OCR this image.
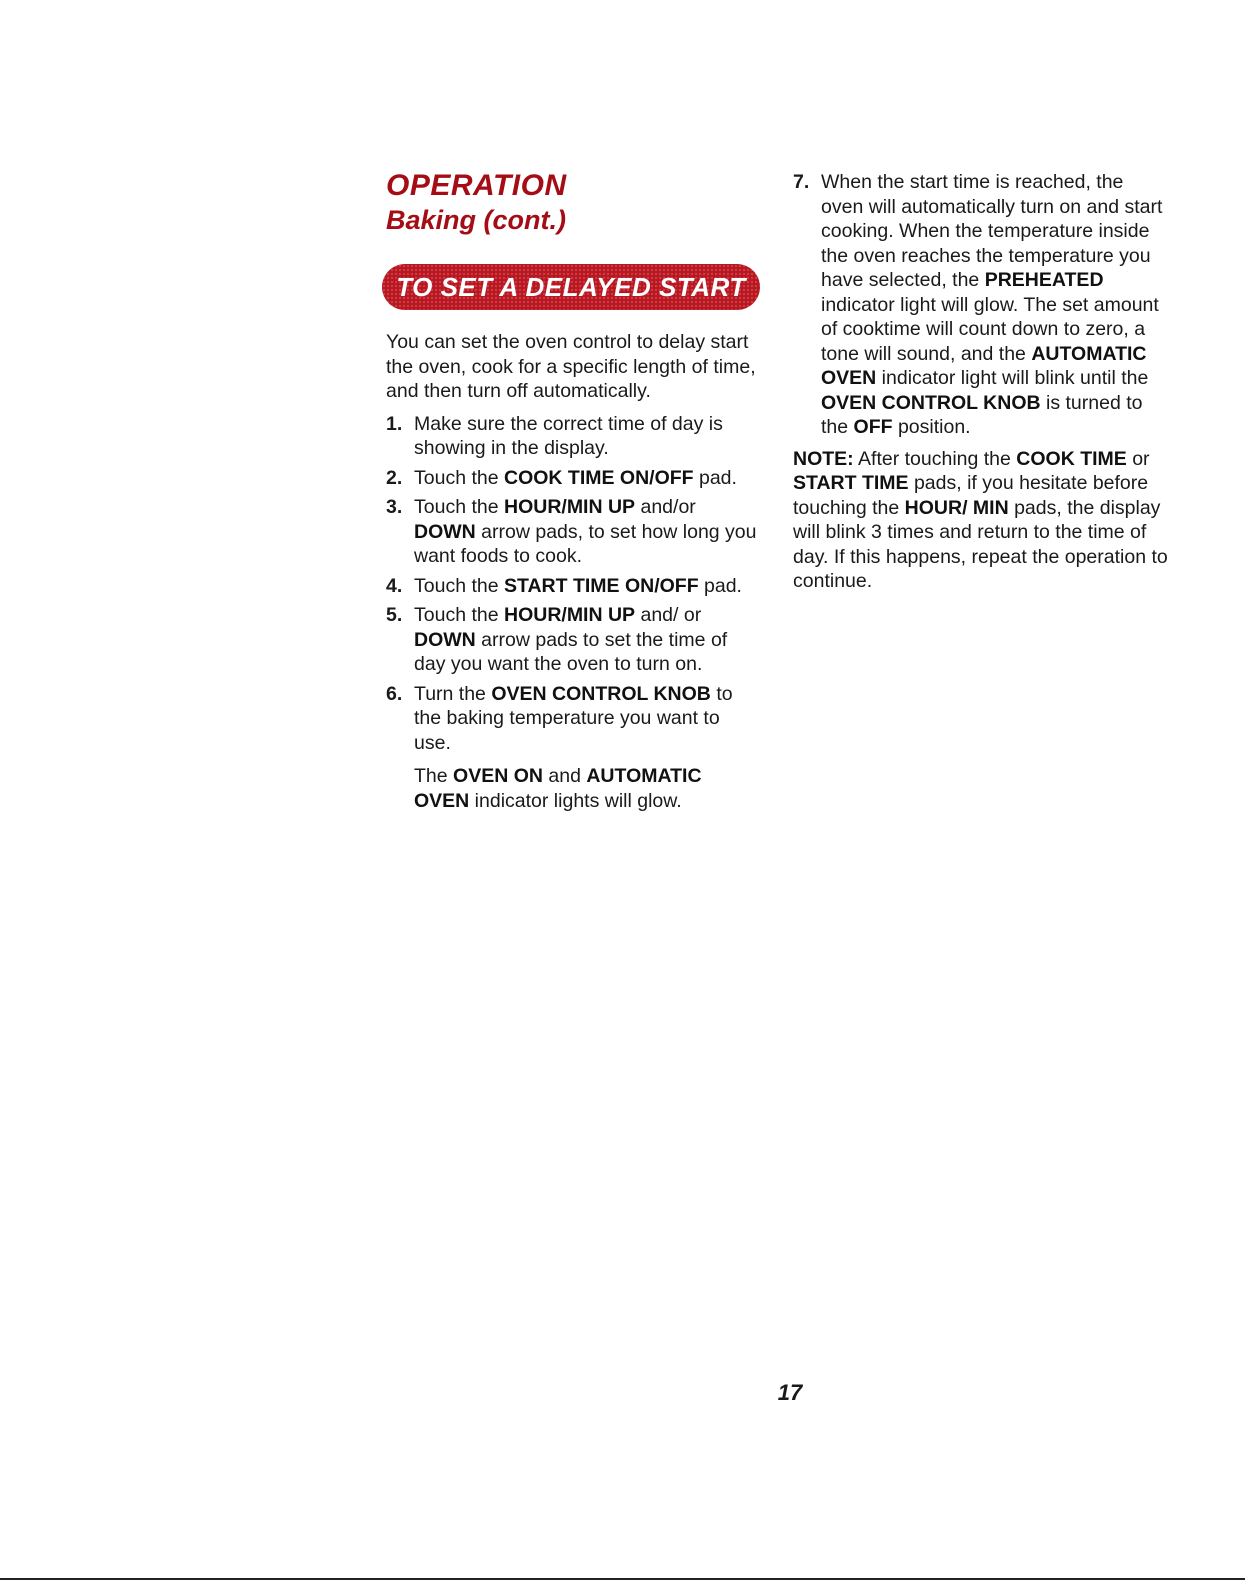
OPERATION
Baking (cont.)
TO SET A DELAYED START
You can set the oven control to delay start the oven, cook for a specific length of time, and then turn off automatically.
1. Make sure the correct time of day is showing in the display.
2. Touch the COOK TIME ON/OFF pad.
3. Touch the HOUR/MIN UP and/or DOWN arrow pads, to set how long you want foods to cook.
4. Touch the START TIME ON/OFF pad.
5. Touch the HOUR/MIN UP and/ or DOWN arrow pads to set the time of day you want the oven to turn on.
6. Turn the OVEN CONTROL KNOB to the baking temperature you want to use.
The OVEN ON and AUTOMATIC OVEN indicator lights will glow.
7. When the start time is reached, the oven will automatically turn on and start cooking. When the temperature inside the oven reaches the temperature you have selected, the PREHEATED indicator light will glow. The set amount of cooktime will count down to zero, a tone will sound, and the AUTOMATIC OVEN indicator light will blink until the OVEN CONTROL KNOB is turned to the OFF position.
NOTE: After touching the COOK TIME or START TIME pads, if you hesitate before touching the HOUR/ MIN pads, the display will blink 3 times and return to the time of day. If this happens, repeat the operation to continue.
17
